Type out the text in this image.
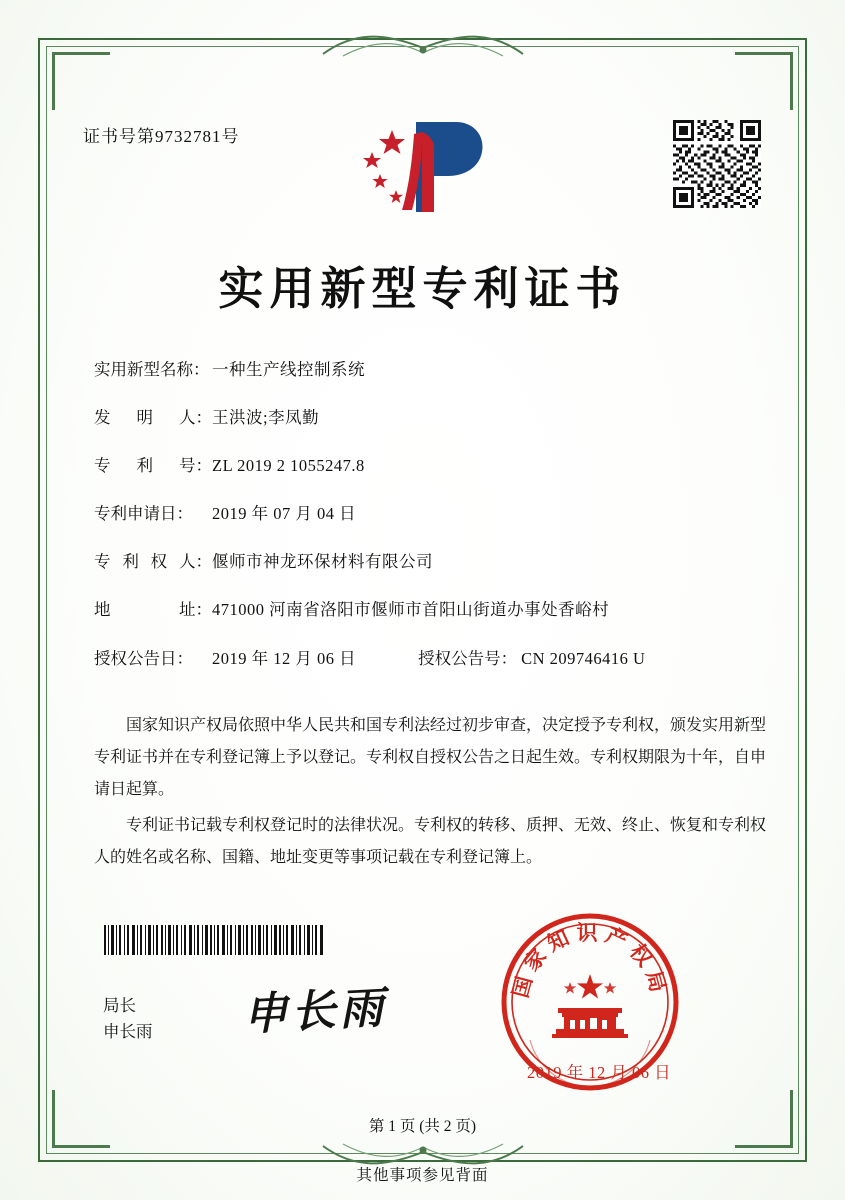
证书号第9732781号
实用新型专利证书
实用新型名称： 一种生产线控制系统
发 明 人： 王洪波;李凤勤
专 利 号： ZL 2019 2 1055247.8
专利申请日：	2019 年 07 月 04 日
专 利 权 人： 偃师市神龙环保材料有限公司
地	址： 471000 河南省洛阳市偃师市首阳山街道办事处香峪村
授权公告日：	2019 年 12 月 06 日	授权公告号： CN 209746416 U

国家知识产权局依照中华人民共和国专利法经过初步审查，决定授予专利权，颁发实用新型专利证书并在专利登记簿上予以登记。专利权自授权公告之日起生效。专利权期限为十年，自申请日起算。

专利证书记载专利权登记时的法律状况。专利权的转移、质押、无效、终止、恢复和专利权人的姓名或名称、国籍、地址变更等事项记载在专利登记簿上。

局长
申长雨 申长雨	国家知识产权局
2019 年 12 月 06 日
第 1 页 (共 2 页)
其他事项参见背面
